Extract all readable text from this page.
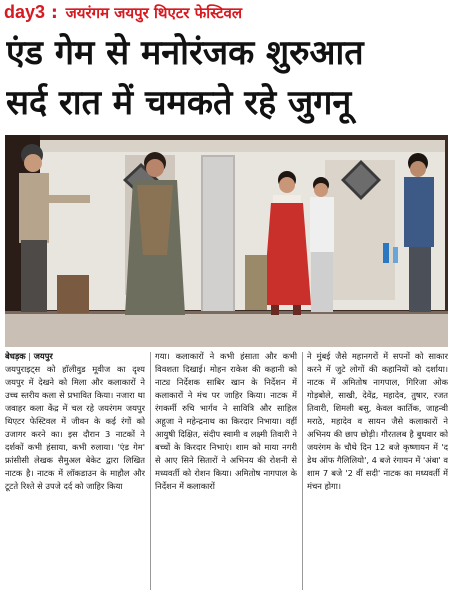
day3 : जयरंगम जयपुर थिएटर फेस्टिवल
एंड गेम से मनोरंजक शुरुआत
सर्द रात में चमकते रहे जुगनू

बेधड़क | जयपुर
जयपुराइट्स को हॉलीवुड मूवीज का दृश्य जयपुर में देखने को मिला और कलाकारों ने उच्च स्तरीय कला से प्रभावित किया। नजारा था जवाहर कला केंद्र में चल रहे जयरंगम जयपुर थिएटर फेस्टिवल में जीवन के कई रंगों को उजागर करने का। इस दौरान 3 नाटकों ने दर्शकों कभी हंसाया, कभी रुलाया। 'एंड गेम' फ्रांसीसी लेखक सैमुअल बेकेट द्वारा लिखित नाटक है। नाटक में लॉकडाउन के माहौल और टूटते रिश्ते से उपजे दर्द को जाहिर किया

गया। कलाकारों ने कभी हंसाता और कभी विवशता दिखाई। मोहन राकेश की कहानी को नाट्य निर्देशक साबिर खान के निर्देशन में कलाकारों ने मंच पर जाहिर किया। नाटक में रंगकर्मी रुचि भार्गव ने सावित्रि और साहिल अहूजा ने महेन्द्रनाथ का किरदार निभाया। वहीं आयुषी दिक्षित, संदीप स्वामी व लक्ष्मी तिवारी ने बच्चों के किरदार निभाएं। शाम को माया नगरी से आए सिने सितारों ने अभिनय की रोशनी से मध्यवर्ती को रोशन किया। अमितोष नागपाल के निर्देशन में कलाकारों

ने मुंबई जैसे महानगरों में सपनों को साकार करने में जुटे लोगों की कहानियों को दर्शाया। नाटक में अमितोष नागपाल, गिरिजा ओक गोड़बोले, साखी, देवेंद्र, महादेव, तुषार, रजत तिवारी, शिमली बसु, केवल कार्तिक, जाहन्वी मराठे, महादेव व सायन जैसे कलाकारों ने अभिनय की छाप छोड़ी। गौरतलब है बुधवार को जयरंगम के चौथे दिन 12 बजे कृष्णायन में 'द डेथ ऑफ गैलिलियो', 4 बजे रंगायन में 'अंबा' व शाम 7 बजे '2 वीं सदी' नाटक का मध्यवर्ती में मंचन होगा।
